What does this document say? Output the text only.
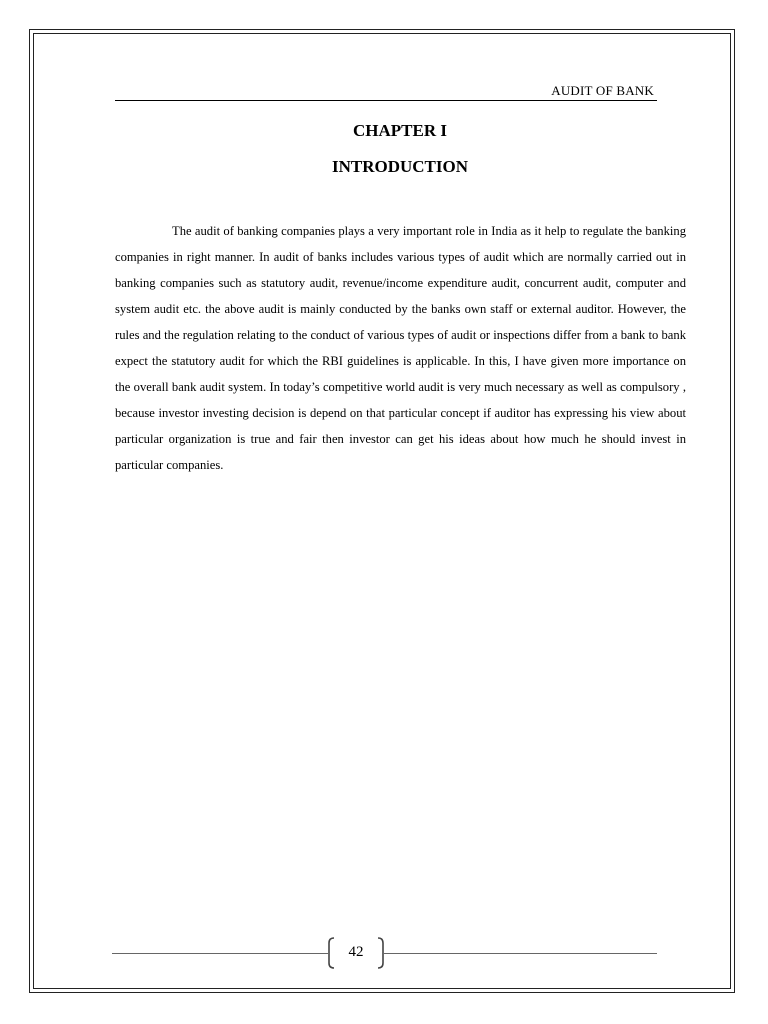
AUDIT OF BANK
CHAPTER I
INTRODUCTION

The audit of banking companies plays a very important role in India as it help to regulate the banking companies in right manner. In audit of banks includes various types of audit which are normally carried out in banking companies such as statutory audit, revenue/income expenditure audit, concurrent audit, computer and system audit etc. the above audit is mainly conducted by the banks own staff or external auditor. However, the rules and the regulation relating to the conduct of various types of audit or inspections differ from a bank to bank expect the statutory audit for which the RBI guidelines is applicable. In this, I have given more importance on the overall bank audit system. In today’s competitive world audit is very much necessary as well as compulsory , because investor investing decision is depend on that particular concept if auditor has expressing his view about particular organization is true and fair then investor can get his ideas about how much he should invest in particular companies.

42
